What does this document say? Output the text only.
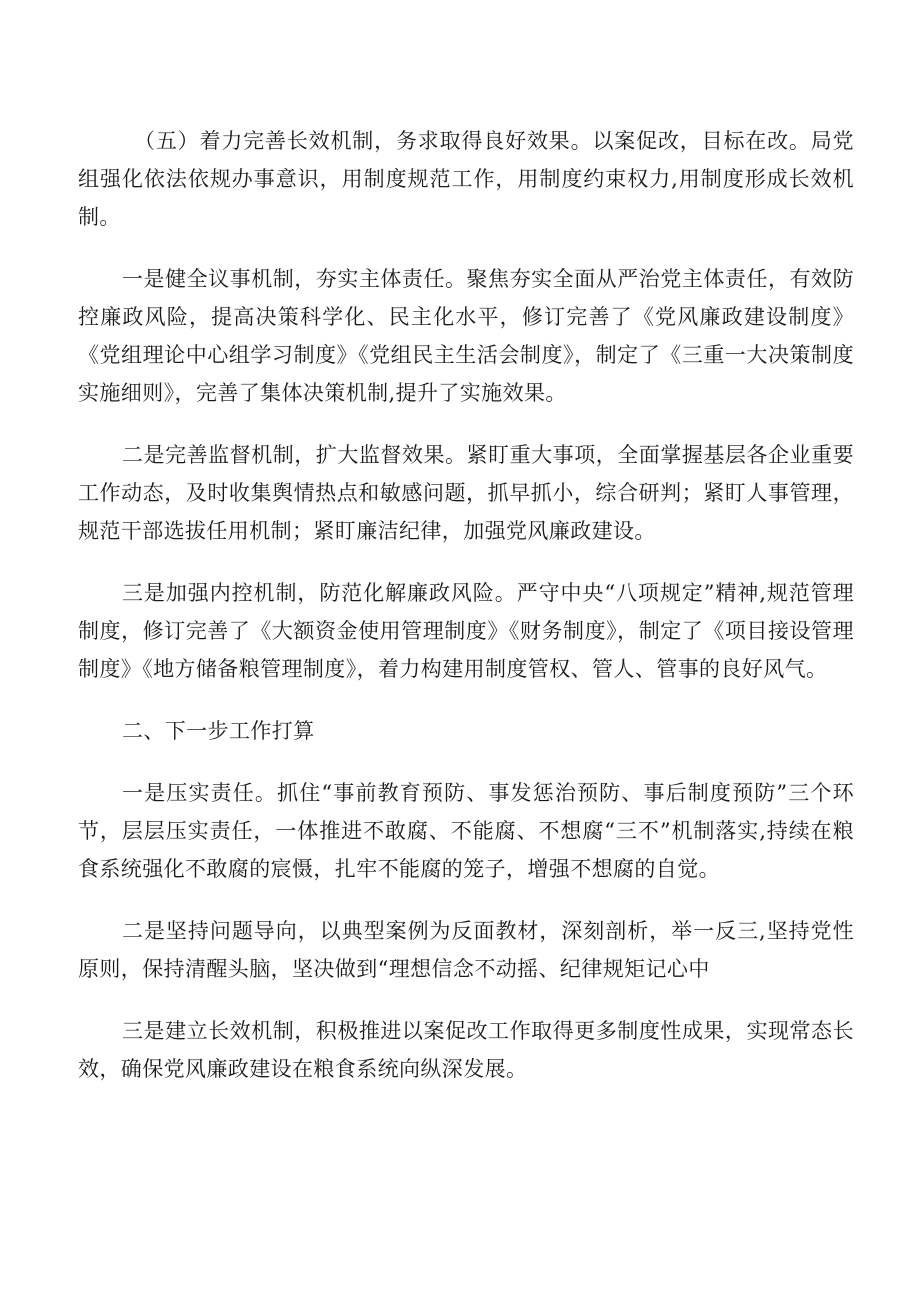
（五）着力完善长效机制，务求取得良好效果。以案促改，目标在改。局党组强化依法依规办事意识，用制度规范工作，用制度约束权力,用制度形成长效机制。

一是健全议事机制，夯实主体责任。聚焦夯实全面从严治党主体责任，有效防控廉政风险，提高决策科学化、民主化水平，修订完善了《党风廉政建设制度》《党组理论中心组学习制度》《党组民主生活会制度》，制定了《三重一大决策制度实施细则》，完善了集体决策机制,提升了实施效果。

二是完善监督机制，扩大监督效果。紧盯重大事项，全面掌握基层各企业重要工作动态，及时收集舆情热点和敏感问题，抓早抓小，综合研判；紧盯人事管理，规范干部选拔任用机制；紧盯廉洁纪律，加强党风廉政建设。

三是加强内控机制，防范化解廉政风险。严守中央“八项规定”精神,规范管理制度，修订完善了《大额资金使用管理制度》《财务制度》，制定了《项目接设管理制度》《地方储备粮管理制度》，着力构建用制度管权、管人、管事的良好风气。

二、下一步工作打算

一是压实责任。抓住“事前教育预防、事发惩治预防、事后制度预防”三个环节，层层压实责任，一体推进不敢腐、不能腐、不想腐“三不”机制落实,持续在粮食系统强化不敢腐的宸慑，扎牢不能腐的笼子，增强不想腐的自觉。

二是坚持问题导向，以典型案例为反面教材，深刻剖析，举一反三,坚持党性原则，保持清醒头脑，坚决做到“理想信念不动摇、纪律规矩记心中

三是建立长效机制，积极推进以案促改工作取得更多制度性成果，实现常态长效，确保党风廉政建设在粮食系统向纵深发展。
